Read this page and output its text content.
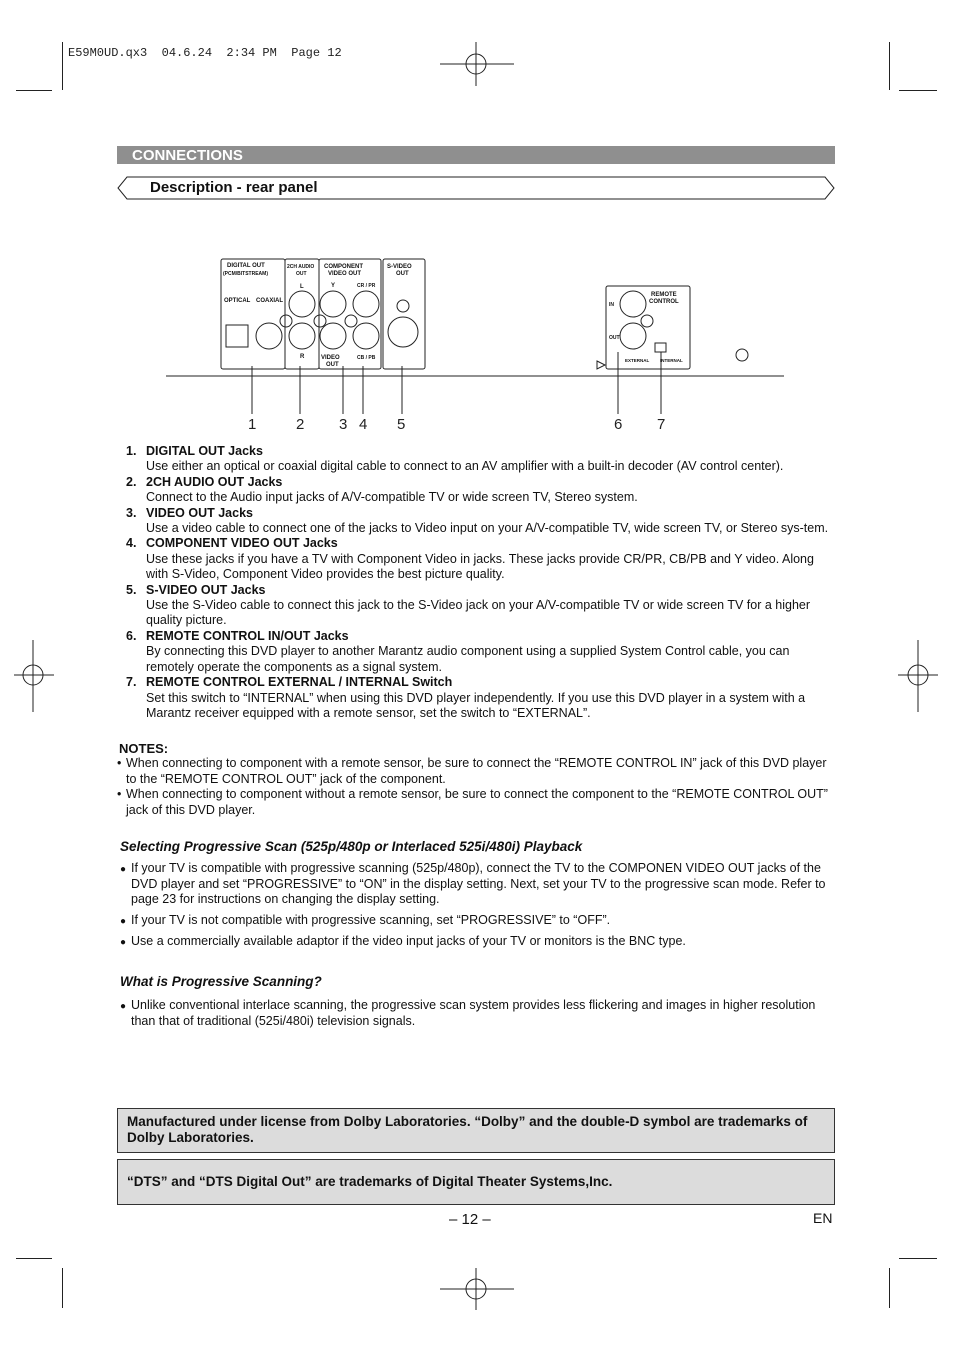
E59M0UD.qx3  04.6.24  2:34 PM  Page 12
CONNECTIONS
Description - rear panel
DIGITAL OUT
(PCM/BITSTREAM)
OPTICAL COAXIAL
2CH AUDIO
OUT
L
R
COMPONENT
VIDEO OUT
Y	CR / PR
VIDEO
OUT
CB / PB
S-VIDEO
OUT
REMOTE
CONTROL
IN
OUT
EXTERNAL INTERNAL
1	2 3 4 5	6 7
1. DIGITAL OUT Jacks
Use either an optical or coaxial digital cable to connect to an AV amplifier with a built-in decoder (AV control center).
2. 2CH AUDIO OUT Jacks
Connect to the Audio input jacks of A/V-compatible TV or wide screen TV, Stereo system.
3. VIDEO OUT Jacks
Use a video cable to connect one of the jacks to Video input on your A/V-compatible TV, wide screen TV, or Stereo sys-tem.
4. COMPONENT VIDEO OUT Jacks
Use these jacks if you have a TV with Component Video in jacks. These jacks provide CR/PR, CB/PB and Y video. Along with S-Video, Component Video provides the best picture quality.
5. S-VIDEO OUT Jacks
Use the S-Video cable to connect this jack to the S-Video jack on your A/V-compatible TV or wide screen TV for a higher quality picture.
6. REMOTE CONTROL IN/OUT Jacks
By connecting this DVD player to another Marantz audio component using a supplied System Control cable, you can remotely operate the components as a signal system.
7. REMOTE CONTROL EXTERNAL / INTERNAL Switch
Set this switch to “INTERNAL” when using this DVD player independently. If you use this DVD player in a system with a Marantz receiver equipped with a remote sensor, set the switch to “EXTERNAL”.
NOTES:
• When connecting to component with a remote sensor, be sure to connect the “REMOTE CONTROL IN” jack of this DVD player to the “REMOTE CONTROL OUT” jack of the component.
• When connecting to component without a remote sensor, be sure to connect the component to the “REMOTE CONTROL OUT” jack of this DVD player.
Selecting Progressive Scan (525p/480p or Interlaced 525i/480i) Playback
● If your TV is compatible with progressive scanning (525p/480p), connect the TV to the COMPONEN VIDEO OUT jacks of the DVD player and set “PROGRESSIVE” to “ON” in the display setting. Next, set your TV to the progressive scan mode. Refer to page 23 for instructions on changing the display setting.
● If your TV is not compatible with progressive scanning, set “PROGRESSIVE” to “OFF”.
● Use a commercially available adaptor if the video input jacks of your TV or monitors is the BNC type.
What is Progressive Scanning?
● Unlike conventional interlace scanning, the progressive scan system provides less flickering and images in higher resolution than that of traditional (525i/480i) television signals.
Manufactured under license from Dolby Laboratories. “Dolby” and the double-D symbol are trademarks of Dolby Laboratories.
“DTS” and “DTS Digital Out” are trademarks of Digital Theater Systems,Inc.
– 12 –	EN
